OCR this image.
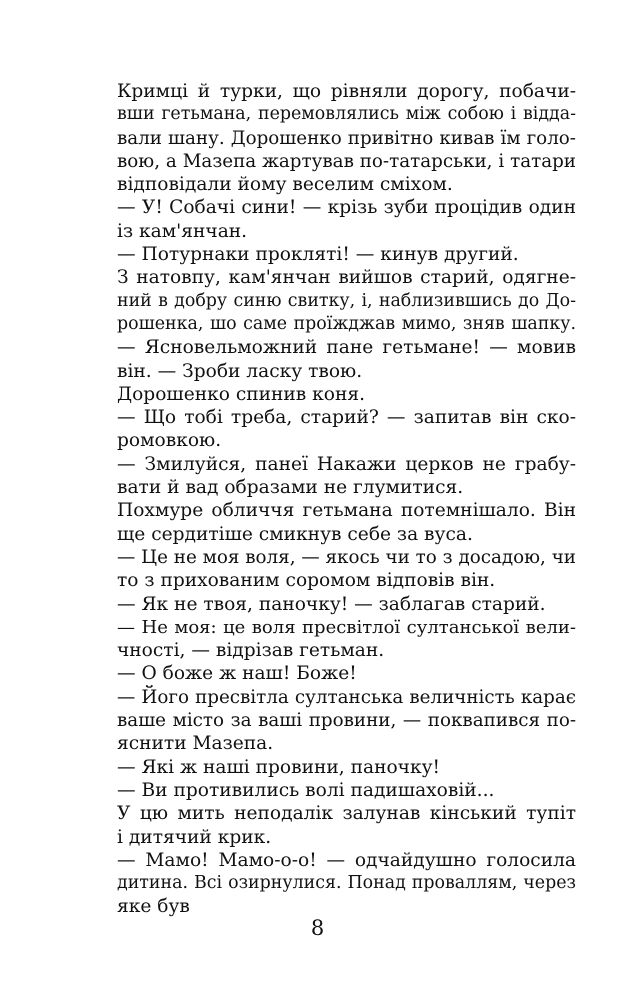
Кримці й турки, що рівняли дорогу, побачи-
вши гетьмана, перемовлялись між собою і відда-
вали шану. Дорошенко привітно кивав їм голо-
вою, а Мазепа жартував по-татарськи, і татари
відповідали йому веселим сміхом.
— У! Собачі сини! — крізь зуби процідив один
із кам'янчан.
— Потурнаки прокляті! — кинув другий.
З натовпу, кам'янчан вийшов старий, одягне-
ний в добру синю свитку, і, наблизившись до До-
рошенка, шо саме проїжджав мимо, зняв шапку.
— Ясновельможний пане гетьмане! — мовив
він. — Зроби ласку твою.
Дорошенко спинив коня.
— Що тобі треба, старий? — запитав він ско-
ромовкою.
— Змилуйся, панеї Накажи церков не грабу-
вати й вад образами не глумитися.
Похмуре обличчя гетьмана потемнішало. Він
ще сердитіше смикнув себе за вуса.
— Це не моя воля, — якось чи то з досадою, чи
то з прихованим соромом відповів він.
— Як не твоя, паночку! — заблагав старий.
— Не моя: це воля пресвітлої султанської вели-
чності, — відрізав гетьман.
— О боже ж наш! Боже!
— Його пресвітла султанська величність карає
ваше місто за ваші провини, — поквапився по-
яснити Мазепа.
— Які ж наші провини, паночку!
— Ви противились волі падишаховій...
У цю мить неподалік залунав кінський тупіт
і дитячий крик.
— Мамо! Мамо-о-о! — одчайдушно голосила
дитина. Всі озирнулися. Понад проваллям, через
яке був
8
